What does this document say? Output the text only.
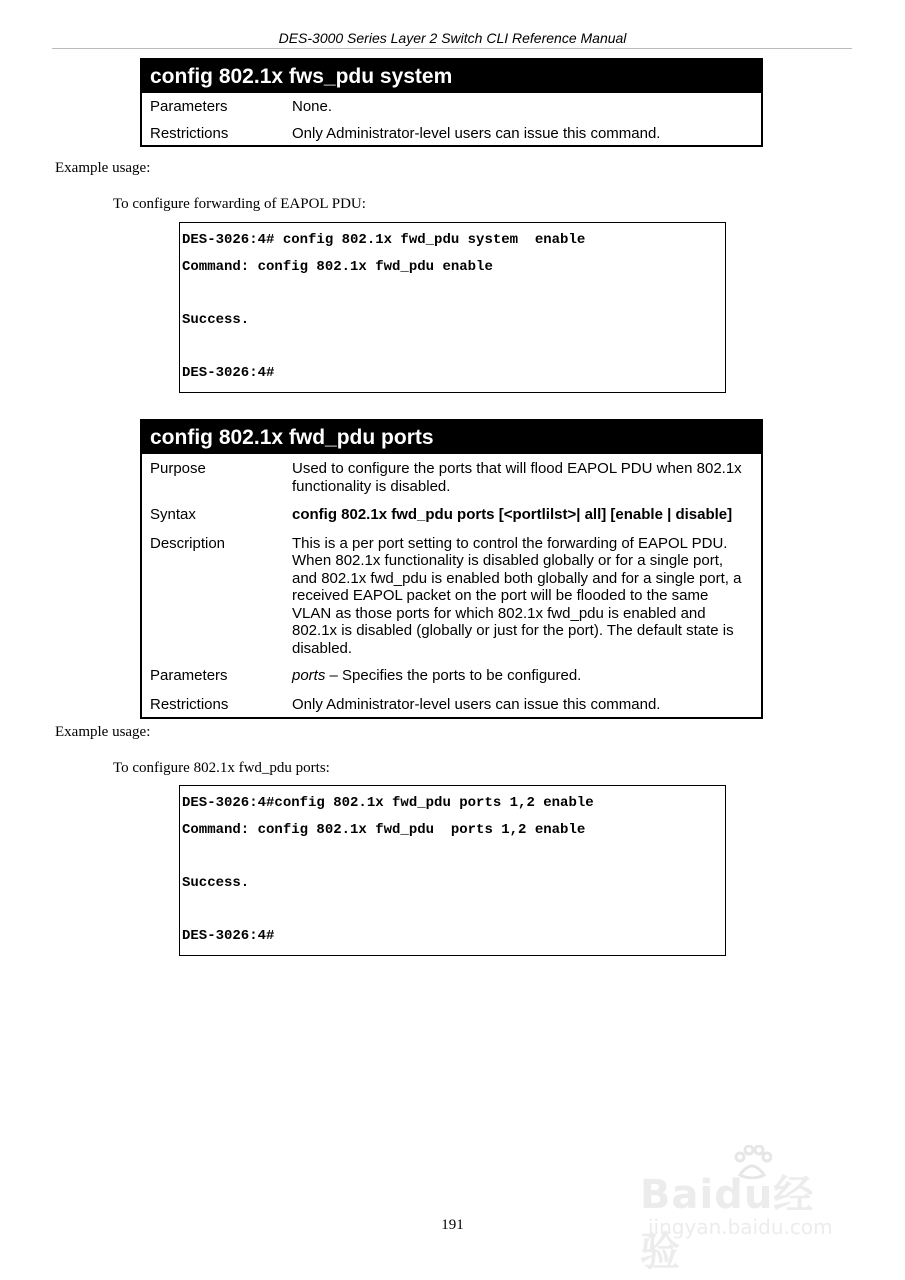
DES-3000 Series Layer 2 Switch CLI Reference Manual
config 802.1x fws_pdu system
Parameters	None.
Restrictions	Only Administrator-level users can issue this command.
Example usage:
To configure forwarding of EAPOL PDU:
DES-3026:4# config 802.1x fwd_pdu system  enable
Command: config 802.1x fwd_pdu enable
Success.
DES-3026:4#
config 802.1x fwd_pdu ports
Purpose	Used to configure the ports that will flood EAPOL PDU when 802.1x functionality is disabled.
Syntax	config 802.1x fwd_pdu ports [<portlilst>| all] [enable | disable]
Description	This is a per port setting to control the forwarding of EAPOL PDU. When 802.1x functionality is disabled globally or for a single port, and 802.1x fwd_pdu is enabled both globally and for a single port, a received EAPOL packet on the port will be flooded to the same VLAN as those ports for which 802.1x fwd_pdu is enabled and 802.1x is disabled (globally or just for the port). The default state is disabled.
Parameters	ports – Specifies the ports to be configured.
Restrictions	Only Administrator-level users can issue this command.
Example usage:
To configure 802.1x fwd_pdu ports:
DES-3026:4#config 802.1x fwd_pdu ports 1,2 enable
Command: config 802.1x fwd_pdu  ports 1,2 enable
Success.
DES-3026:4#
191
Baidu经验
jingyan.baidu.com
